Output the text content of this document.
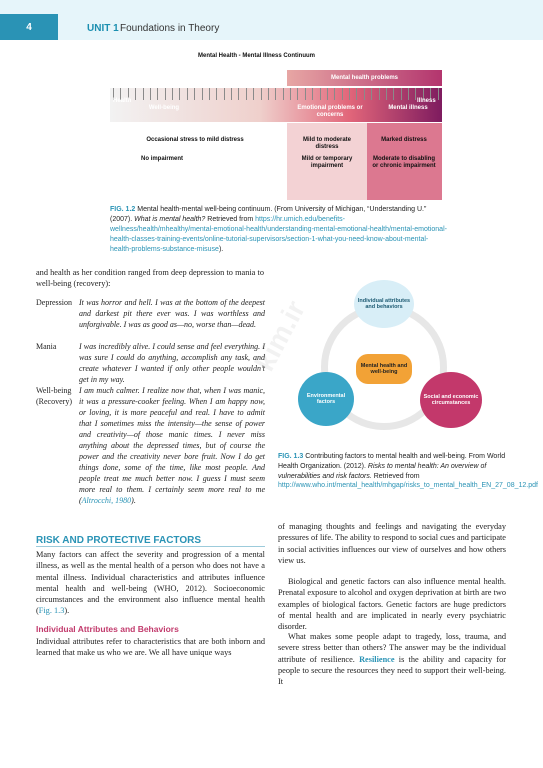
4	UNIT 1 Foundations in Theory
Mental Health - Mental Illness Continuum
Mental health problems
Health	Illness
Well-being	Emotional problems or concerns
Mental illness
Occasional stress to mild distress
No impairment
Mild to moderate distress
Mild or temporary impairment
Marked distress
Moderate to disabling or chronic impairment
FIG. 1.2 Mental health-mental well-being continuum. (From University of Michigan, “Understanding U.” (2007). What is mental health? Retrieved from https://hr.umich.edu/benefits-wellness/health/mhealthy/mental-emotional-health/understanding-mental-emotional-health/mental-emotional-health-classes-training-events/online-tutorial-supervisors/section-1-what-you-need-know-about-mental-health-problems-substance-misuse).
and health as her condition ranged from deep depression to mania to well-being (recovery):
Depression It was horror and hell. I was at the bottom of the deepest and darkest pit there ever was. I was worthless and unforgivable. I was as good as—no, worse than—dead.
Mania	I was incredibly alive. I could sense and feel everything. I was sure I could do anything, accomplish any task, and create whatever I wanted if only other people wouldn’t get in my way.
Well-being (Recovery)
I am much calmer. I realize now that, when I was manic, it was a pressure-cooker feeling. When I am happy now, or loving, it is more peaceful and real. I have to admit that I sometimes miss the intensity—the sense of power and creativity—of those manic times. I never miss anything about the depressed times, but of course the power and the creativity never bore fruit. Now I do get things done, some of the time, like most people. And people treat me much better now. I guess I must seem more real to them. I certainly seem more real to me (Altrocchi, 1980).
RISK AND PROTECTIVE FACTORS
Many factors can affect the severity and progression of a mental illness, as well as the mental health of a person who does not have a mental illness. Individual characteristics and attributes influence mental health and well-being (WHO, 2012). Socioeconomic circumstances and the environment also influence mental health (Fig. 1.3).
Individual Attributes and Behaviors
Individual attributes refer to characteristics that are both inborn and learned that make us who we are. We all have unique ways
kim.ir	Individual attributes and behaviors
Mental health and well-being
Environmental factors
Social and economic circumstances
FIG. 1.3 Contributing factors to mental health and well-being. From World Health Organization. (2012). Risks to mental health: An overview of vulnerabilities and risk factors. Retrieved from http://www.who.int/mental_health/mhgap/risks_to_mental_health_EN_27_08_12.pdf
of managing thoughts and feelings and navigating the everyday pressures of life. The ability to respond to social cues and participate in social activities influences our view of ourselves and how others view us.
Biological and genetic factors can also influence mental health. Prenatal exposure to alcohol and oxygen deprivation at birth are two examples of biological factors. Genetic factors are huge predictors of mental health and are implicated in nearly every psychiatric disorder.
What makes some people adapt to tragedy, loss, trauma, and severe stress better than others? The answer may be the individual attribute of resilience. Resilience is the ability and capacity for people to secure the resources they need to support their well-being. It
